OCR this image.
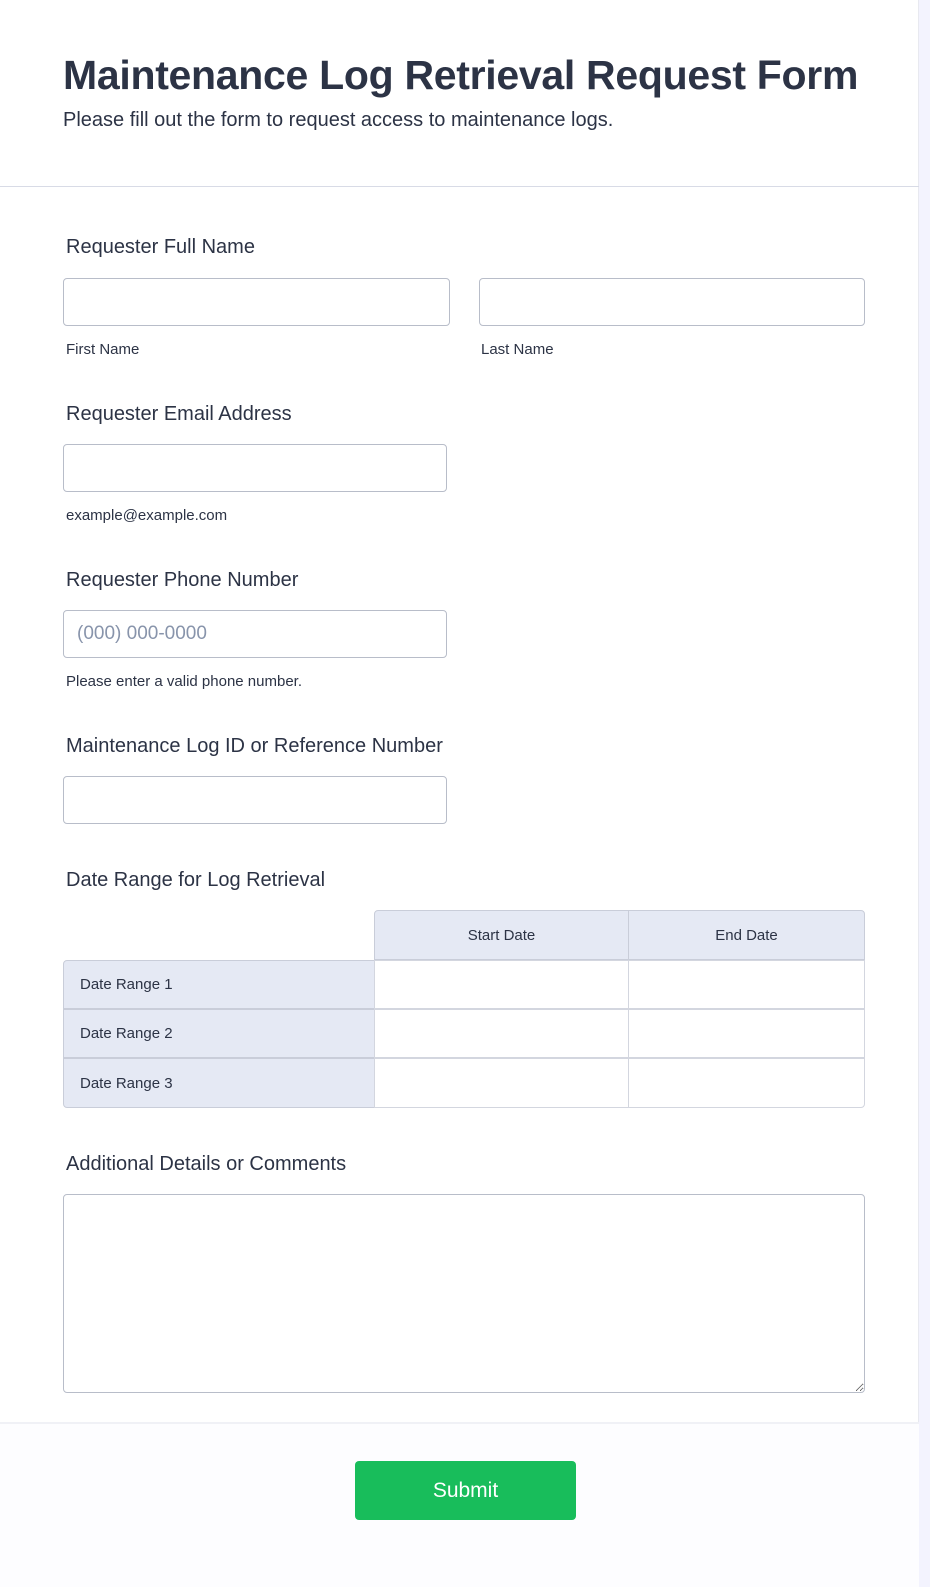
Maintenance Log Retrieval Request Form

Please fill out the form to request access to maintenance logs.

Requester Full Name
First Name	Last Name
Requester Email Address
example@example.com
Requester Phone Number
(000) 000-0000
Please enter a valid phone number.
Maintenance Log ID or Reference Number
Date Range for Log Retrieval
Start Date	End Date
Date Range 1
Date Range 2
Date Range 3
Additional Details or Comments
Submit
